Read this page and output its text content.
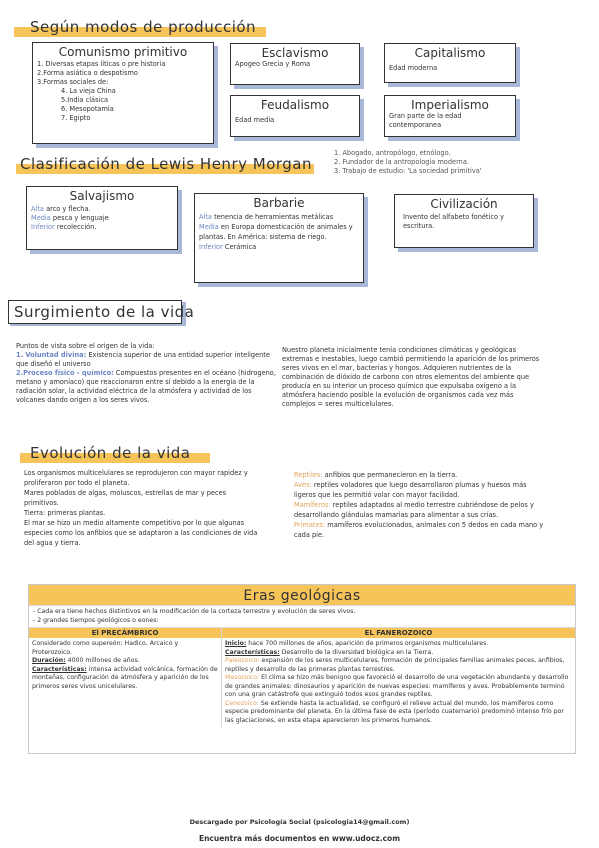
Según modos de producción
Comunismo primitivo
1. Diversas etapas líticas o pre historia
2.Forma asiática o despotismo
3.Formas sociales de:
4. La vieja China
5.India clásica
6. Mesopotamia
7. Egipto
Esclavismo
Apogeo Grecia y Roma
Feudalismo
Edad media
Capitalismo
Edad moderna
Imperialismo
Gran parte de la edad contemporanea
Clasificación de Lewis Henry Morgan
1. Abogado, antropólogo, etnólogo.
2. Fundador de la antropología moderna.
3. Trabajo de estudio: 'La sociedad primitiva'
Salvajismo
Alta arco y flecha.
Media pesca y lenguaje
Inferior recolección.
Barbarie
Alta tenencia de herramientas metálicas
Media en Europa domesticación de animales y plantas. En América: sistema de riego.
Inferior Cerámica
Civilización
Invento del alfabeto fonético y escritura.
Surgimiento de la vida
Puntos de vista sobre el origen de la vida:
1. Voluntad divina: Existencia superior de una entidad superior inteligente que diseñó el universo
2.Proceso físico - químico: Compuestos presentes en el océano (hidrogeno, metano y amoníaco) que reaccionaron entre sí debido a la energía de la radiación solar, la actividad eléctrica de la atmósfera y actividad de los volcanes dando origen a los seres vivos.
Nuestro planeta inicialmente tenía condiciones climáticas y geológicas extremas e inestables, luego cambió permitiendo la aparición de los primeros seres vivos en el mar, bacterias y hongos. Adquieren nutrientes de la combinación de dióxido de carbono con otros elementos del ambiente que producía en su interior un proceso químico que expulsaba oxígeno a la atmósfera haciendo posible la evolución de organismos cada vez más complejos = seres multicelulares.
Evolución de la vida
Los organismos multicelulares se reprodujeron con mayor rapidez y proliferaron por todo el planeta.
Mares poblados de algas, moluscos, estrellas de mar y peces primitivos.
Tierra: primeras plantas.
El mar se hizo un medio altamente competitivo por lo que algunas especies como los anfibios que se adaptaron a las condiciones de vida del agua y tierra.
Reptiles: anfibios que permanecieron en la tierra.
Aves: reptiles voladores que luego desarrollaron plumas y huesos más ligeros que les permitió volar con mayor facilidad.
Mamíferos: reptiles adaptados al medio terrestre cubriéndose de pelos y desarrollando glándulas mamarias para alimentar a sus crías.
Primates: mamíferos evolucionados, animales con 5 dedos en cada mano y cada pie.
Eras geológicas
- Cada era tiene hechos distintivos en la modificación de la corteza terrestre y evolución de seres vivos.
- 2 grandes tiempos geológicos o eones:
El PRECÁMBRICO	EL FANEROZOICO
Considerado como supereón: Hadico, Arcaico y Proterozoico.
Duración: 4000 millones de años.
Características: intensa actividad volcánica, formación de montañas, configuración de atmósfera y aparición de los primeros seres vivos unicelulares.
Inicio: hace 700 millones de años, aparición de primeros organismos multicelulares.
Características: Desarrollo de la diversidad biológica en la Tierra.
Paleozoico: expansión de los seres multicelulares, formación de principales familias animales peces, anfibios, reptiles y desarrollo de las primeras plantas terrestres.
Mesozoico: El clima se hizo más benigno que favoreció el desarrollo de una vegetación abundante y desarrollo de grandes animales: dinosaurios y aparición de nuevas especies: mamíferos y aves. Probablemente terminó con una gran catástrofe que extinguió todos esos grandes reptiles.
Cenozoico: Se extiende hasta la actualidad, se configuró el relieve actual del mundo, los mamíferos como especie predominante del planeta. En la última fase de esta (período cuaternario) predominó intenso frío por las glaciaciones, en esta etapa aparecieron los primeros humanos.
Descargado por Psicología Social (psicologia14@gmail.com)
Encuentra más documentos en www.udocz.com
